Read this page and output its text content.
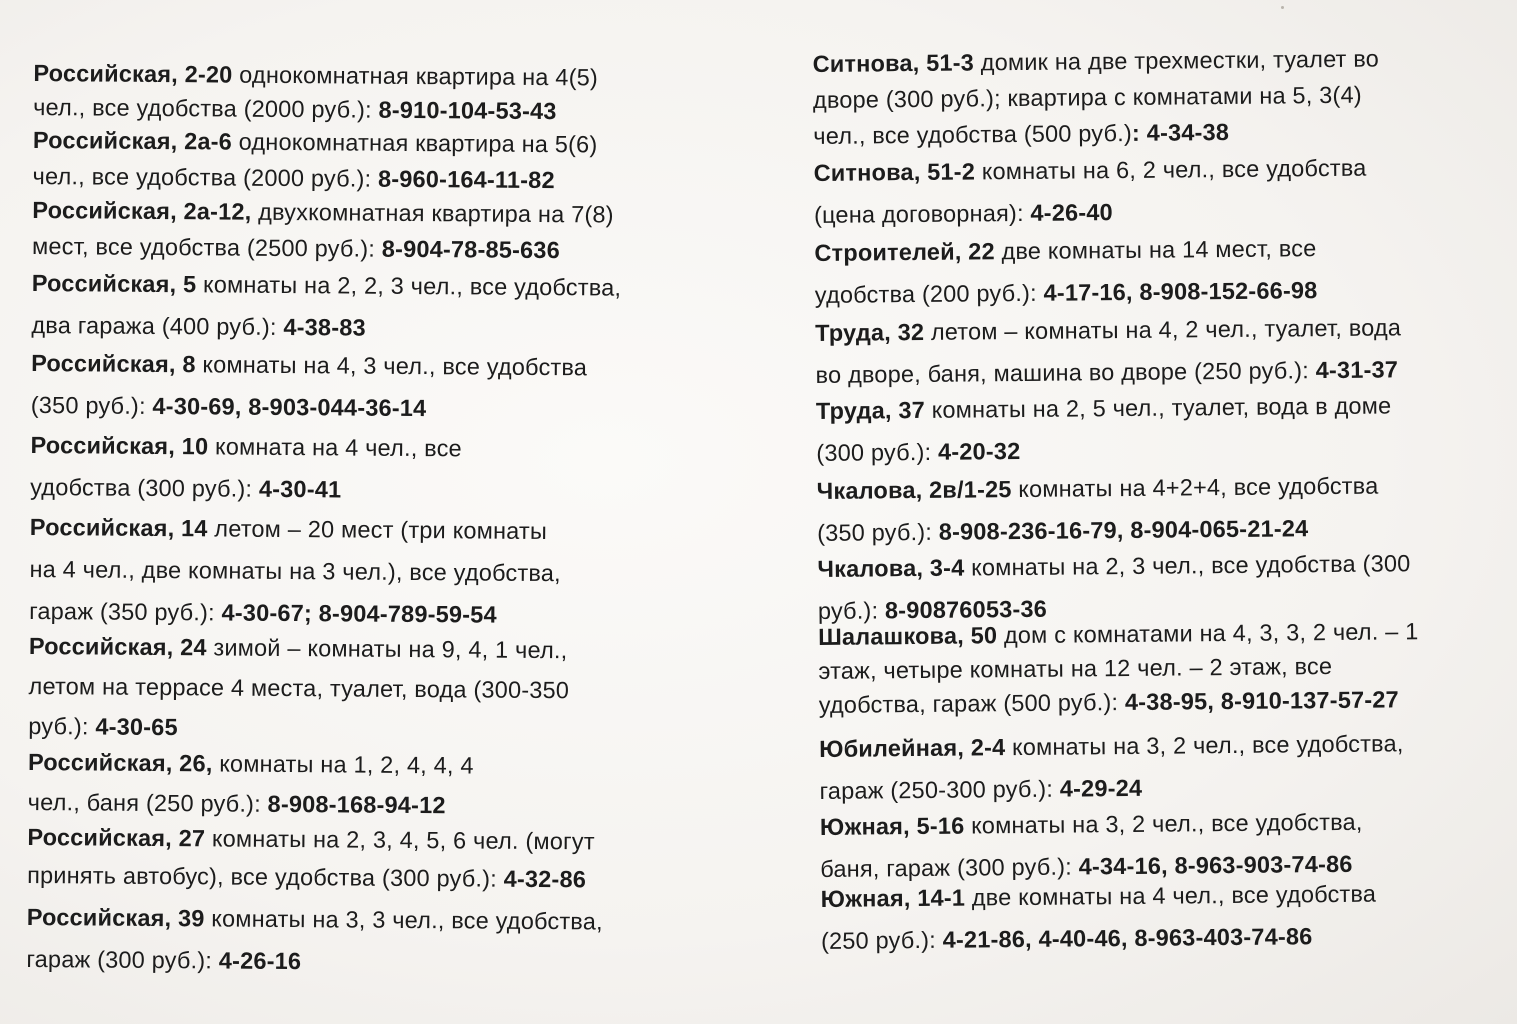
Российская, 2-20 однокомнатная квартира на 4(5)
чел., все удобства (2000 руб.): 8-910-104-53-43
Российская, 2а-6 однокомнатная квартира на 5(6)
чел., все удобства (2000 руб.): 8-960-164-11-82
Российская, 2а-12, двухкомнатная квартира на 7(8)
мест, все удобства (2500 руб.): 8-904-78-85-636
Российская, 5 комнаты на 2, 2, 3 чел., все удобства,
два гаража (400 руб.): 4-38-83
Российская, 8 комнаты на 4, 3 чел., все удобства
(350 руб.): 4-30-69, 8-903-044-36-14
Российская, 10 комната на 4 чел., все
удобства (300 руб.): 4-30-41
Российская, 14 летом – 20 мест (три комнаты
на 4 чел., две комнаты на 3 чел.), все удобства,
гараж (350 руб.): 4-30-67; 8-904-789-59-54
Российская, 24 зимой – комнаты на 9, 4, 1 чел.,
летом на террасе 4 места, туалет, вода (300-350
руб.): 4-30-65
Российская, 26, комнаты на 1, 2, 4, 4, 4
чел., баня (250 руб.): 8-908-168-94-12
Российская, 27 комнаты на 2, 3, 4, 5, 6 чел. (могут
принять автобус), все удобства (300 руб.): 4-32-86
Российская, 39 комнаты на 3, 3 чел., все удобства,
гараж (300 руб.): 4-26-16
Ситнова, 51-3 домик на две трехместки, туалет во
дворе (300 руб.); квартира с комнатами на 5, 3(4)
чел., все удобства (500 руб.): 4-34-38
Ситнова, 51-2 комнаты на 6, 2 чел., все удобства
(цена договорная): 4-26-40
Строителей, 22 две комнаты на 14 мест, все
удобства (200 руб.): 4-17-16, 8-908-152-66-98
Труда, 32 летом – комнаты на 4, 2 чел., туалет, вода
во дворе, баня, машина во дворе (250 руб.): 4-31-37
Труда, 37 комнаты на 2, 5 чел., туалет, вода в доме
(300 руб.): 4-20-32
Чкалова, 2в/1-25 комнаты на 4+2+4, все удобства
(350 руб.): 8-908-236-16-79, 8-904-065-21-24
Чкалова, 3-4 комнаты на 2, 3 чел., все удобства (300
руб.): 8-90876053-36
Шалашкова, 50 дом с комнатами на 4, 3, 3, 2 чел. – 1
этаж, четыре комнаты на 12 чел. – 2 этаж, все
удобства, гараж (500 руб.): 4-38-95, 8-910-137-57-27
Юбилейная, 2-4 комнаты на 3, 2 чел., все удобства,
гараж (250-300 руб.): 4-29-24
Южная, 5-16 комнаты на 3, 2 чел., все удобства,
баня, гараж (300 руб.): 4-34-16, 8-963-903-74-86
Южная, 14-1 две комнаты на 4 чел., все удобства
(250 руб.): 4-21-86, 4-40-46, 8-963-403-74-86
